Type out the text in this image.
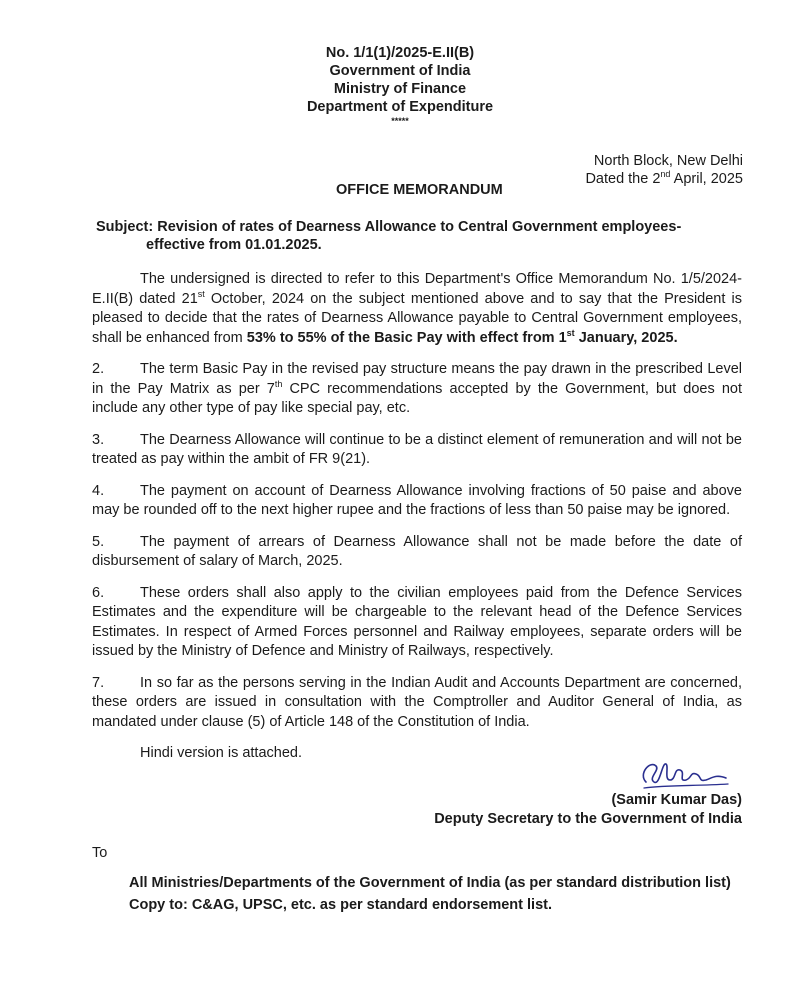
No. 1/1(1)/2025-E.II(B)
Government of India
Ministry of Finance
Department of Expenditure
*****
North Block, New Delhi
Dated the 2nd April, 2025
OFFICE MEMORANDUM
Subject: Revision of rates of Dearness Allowance to Central Government employees-
effective from 01.01.2025.

The undersigned is directed to refer to this Department's Office Memorandum No. 1/5/2024-E.II(B) dated 21st October, 2024 on the subject mentioned above and to say that the President is pleased to decide that the rates of Dearness Allowance payable to Central Government employees, shall be enhanced from 53% to 55% of the Basic Pay with effect from 1st January, 2025.

2. The term Basic Pay in the revised pay structure means the pay drawn in the prescribed Level in the Pay Matrix as per 7th CPC recommendations accepted by the Government, but does not include any other type of pay like special pay, etc.

3. The Dearness Allowance will continue to be a distinct element of remuneration and will not be treated as pay within the ambit of FR 9(21).

4. The payment on account of Dearness Allowance involving fractions of 50 paise and above may be rounded off to the next higher rupee and the fractions of less than 50 paise may be ignored.

5. The payment of arrears of Dearness Allowance shall not be made before the date of disbursement of salary of March, 2025.

6. These orders shall also apply to the civilian employees paid from the Defence Services Estimates and the expenditure will be chargeable to the relevant head of the Defence Services Estimates. In respect of Armed Forces personnel and Railway employees, separate orders will be issued by the Ministry of Defence and Ministry of Railways, respectively.

7. In so far as the persons serving in the Indian Audit and Accounts Department are concerned, these orders are issued in consultation with the Comptroller and Auditor General of India, as mandated under clause (5) of Article 148 of the Constitution of India.

Hindi version is attached.

(Samir Kumar Das)
Deputy Secretary to the Government of India
To
All Ministries/Departments of the Government of India (as per standard distribution list)
Copy to: C&AG, UPSC, etc. as per standard endorsement list.
